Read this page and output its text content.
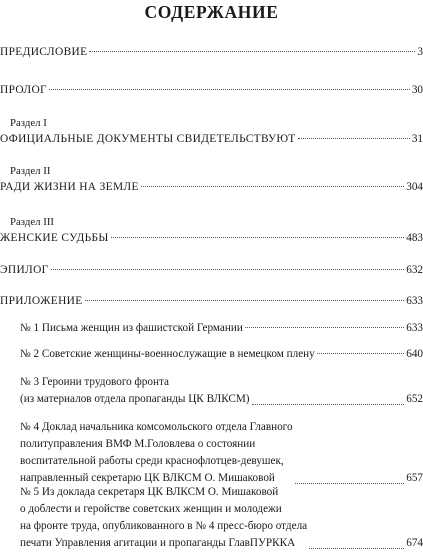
СОДЕРЖАНИЕ
ПРЕДИСЛОВИЕ	3
ПРОЛОГ	30
Раздел I
ОФИЦИАЛЬНЫЕ ДОКУМЕНТЫ СВИДЕТЕЛЬСТВУЮТ	31
Раздел II
РАДИ ЖИЗНИ НА ЗЕМЛЕ	304
Раздел III
ЖЕНСКИЕ СУДЬБЫ	483
ЭПИЛОГ	632
ПРИЛОЖЕНИЕ	633
№ 1 Письма женщин из фашистской Германии	633
№ 2 Советские женщины-военнослужащие в немецком плену	640
№ 3 Героини трудового фронта
(из материалов отдела пропаганды ЦК ВЛКСМ)	652
№ 4 Доклад начальника комсомольского отдела Главного
политуправления ВМФ М.Головлева о состоянии
воспитательной работы среди краснофлотцев-девушек,
направленный секретарю ЦК ВЛКСМ О. Мишаковой	657
№ 5 Из доклада секретаря ЦК ВЛКСМ О. Мишаковой
о доблести и геройстве советских женщин и молодежи
на фронте труда, опубликованного в № 4 пресс-бюро отдела
печати Управления агитации и пропаганды ГлавПУРККА	674
